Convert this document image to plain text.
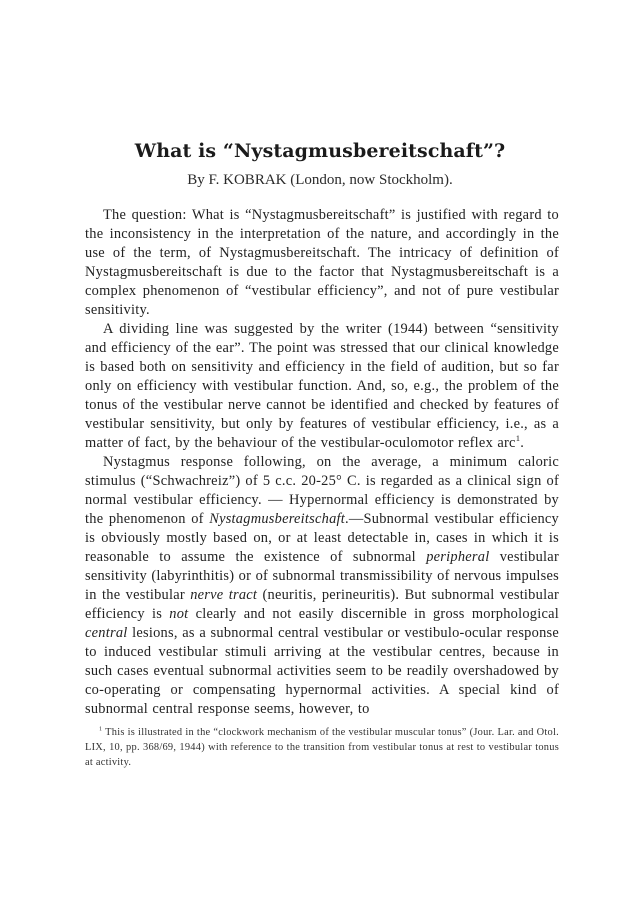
What is “Nystagmusbereitschaft”?
By F. KOBRAK (London, now Stockholm).

The question: What is “Nystagmusbereitschaft” is justified with regard to the inconsistency in the interpretation of the nature, and accordingly in the use of the term, of Nystagmusbereitschaft. The intricacy of definition of Nystagmusbereitschaft is due to the factor that Nystagmusbereitschaft is a complex phenomenon of “vestibular efficiency”, and not of pure vestibular sensitivity.

A dividing line was suggested by the writer (1944) between “sensitivity and efficiency of the ear”. The point was stressed that our clinical knowledge is based both on sensitivity and efficiency in the field of audition, but so far only on efficiency with vestibular function. And, so, e.g., the problem of the tonus of the vestibular nerve cannot be identified and checked by features of vestibular sensitivity, but only by features of vestibular efficiency, i.e., as a matter of fact, by the behaviour of the vestibular-oculomotor reflex arc$^1$.

Nystagmus response following, on the average, a minimum caloric stimulus (“Schwachreiz”) of 5 c.c. 20-25° C. is regarded as a clinical sign of normal vestibular efficiency. — Hypernormal efficiency is demonstrated by the phenomenon of Nystagmusbereitschaft.—Subnormal vestibular efficiency is obviously mostly based on, or at least detectable in, cases in which it is reasonable to assume the existence of subnormal peripheral vestibular sensitivity (labyrinthitis) or of subnormal transmissibility of nervous impulses in the vestibular nerve tract (neuritis, perineuritis). But subnormal vestibular efficiency is not clearly and not easily discernible in gross morphological central lesions, as a subnormal central vestibular or vestibulo-ocular response to induced vestibular stimuli arriving at the vestibular centres, because in such cases eventual subnormal activities seem to be readily overshadowed by co-operating or compensating hypernormal activities. A special kind of subnormal central response seems, however, to

$^1$ This is illustrated in the “clockwork mechanism of the vestibular muscular tonus” (Jour. Lar. and Otol. LIX, 10, pp. 368/69, 1944) with reference to the transition from vestibular tonus at rest to vestibular tonus at activity.
